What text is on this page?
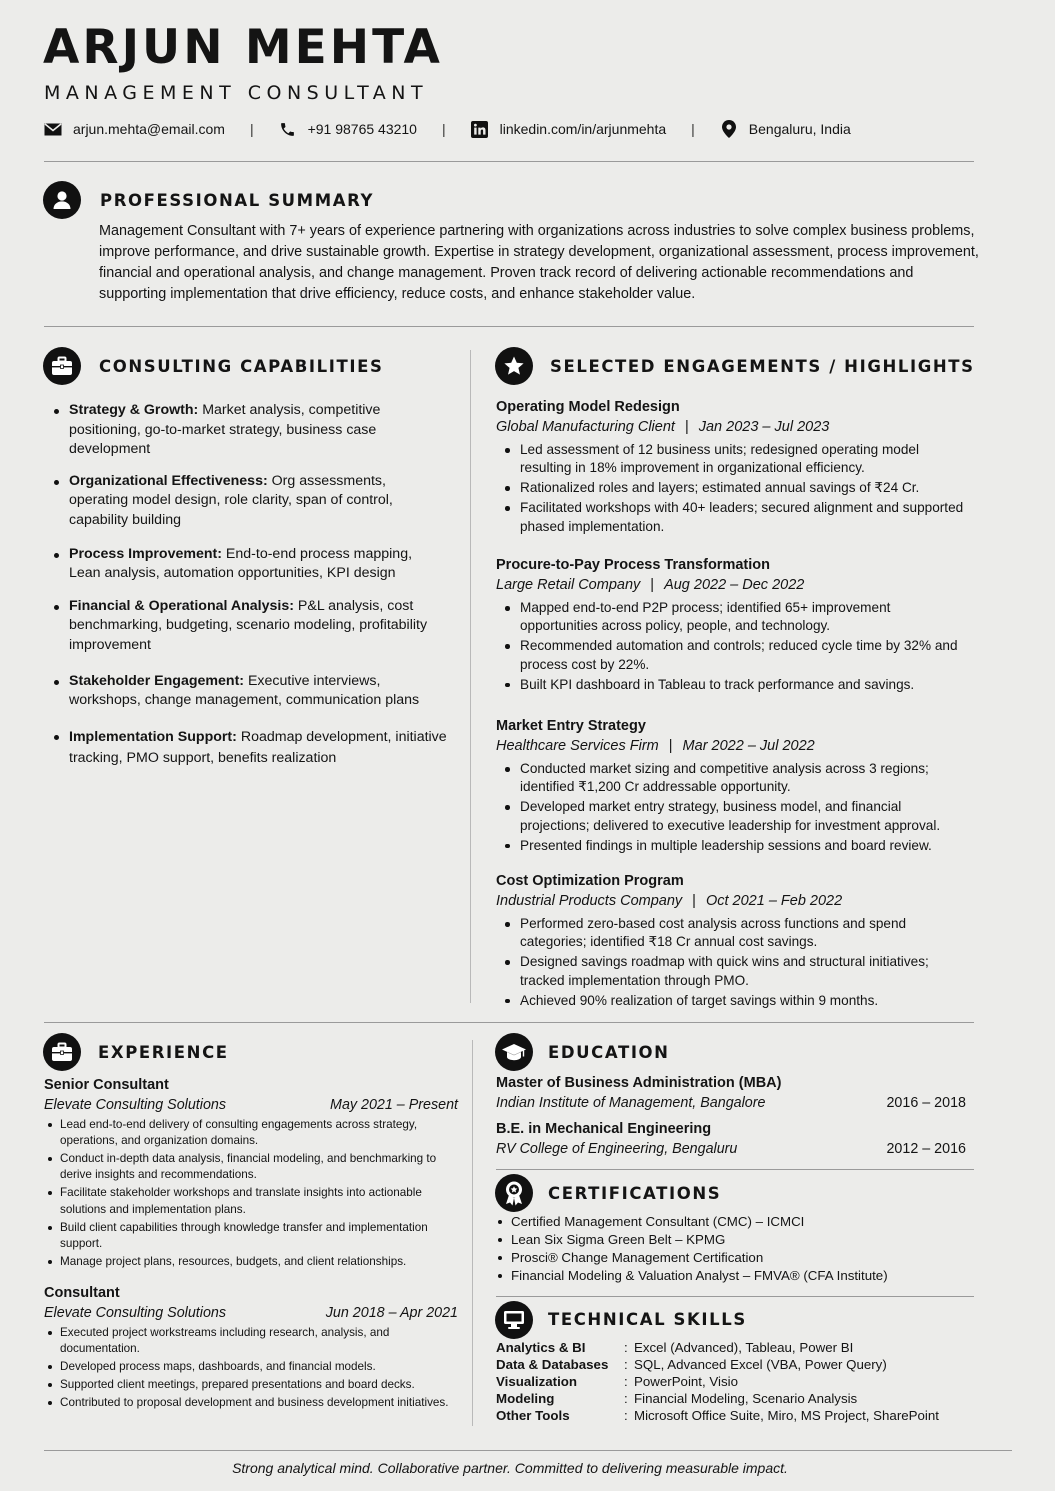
ARJUN MEHTA
MANAGEMENT CONSULTANT
arjun.mehta@email.com |	+91 98765 43210 |	linkedin.com/in/arjunmehta |	Bengaluru, India
PROFESSIONAL SUMMARY

Management Consultant with 7+ years of experience partnering with organizations across industries to solve complex business problems, improve performance, and drive sustainable growth. Expertise in strategy development, organizational assessment, process improvement, financial and operational analysis, and change management. Proven track record of delivering actionable recommendations and supporting implementation that drive efficiency, reduce costs, and enhance stakeholder value.

CONSULTING CAPABILITIES
Strategy & Growth: Market analysis, competitive positioning, go-to-market strategy, business case development
Organizational Effectiveness: Org assessments, operating model design, role clarity, span of control, capability building
Process Improvement: End-to-end process mapping, Lean analysis, automation opportunities, KPI design
Financial & Operational Analysis: P&L analysis, cost benchmarking, budgeting, scenario modeling, profitability improvement
Stakeholder Engagement: Executive interviews, workshops, change management, communication plans
Implementation Support: Roadmap development, initiative tracking, PMO support, benefits realization
SELECTED ENGAGEMENTS / HIGHLIGHTS
Operating Model Redesign
Global Manufacturing Client | Jan 2023 – Jul 2023
Led assessment of 12 business units; redesigned operating model resulting in 18% improvement in organizational efficiency.
Rationalized roles and layers; estimated annual savings of ₹24 Cr.
Facilitated workshops with 40+ leaders; secured alignment and supported phased implementation.
Procure-to-Pay Process Transformation
Large Retail Company | Aug 2022 – Dec 2022
Mapped end-to-end P2P process; identified 65+ improvement opportunities across policy, people, and technology.
Recommended automation and controls; reduced cycle time by 32% and process cost by 22%.
Built KPI dashboard in Tableau to track performance and savings.
Market Entry Strategy
Healthcare Services Firm | Mar 2022 – Jul 2022
Conducted market sizing and competitive analysis across 3 regions; identified ₹1,200 Cr addressable opportunity.
Developed market entry strategy, business model, and financial projections; delivered to executive leadership for investment approval.
Presented findings in multiple leadership sessions and board review.
Cost Optimization Program
Industrial Products Company | Oct 2021 – Feb 2022
Performed zero-based cost analysis across functions and spend categories; identified ₹18 Cr annual cost savings.
Designed savings roadmap with quick wins and structural initiatives; tracked implementation through PMO.
Achieved 90% realization of target savings within 9 months.
EXPERIENCE
Senior Consultant
Elevate Consulting Solutions	May 2021 – Present
Lead end-to-end delivery of consulting engagements across strategy, operations, and organization domains.
Conduct in-depth data analysis, financial modeling, and benchmarking to derive insights and recommendations.
Facilitate stakeholder workshops and translate insights into actionable solutions and implementation plans.
Build client capabilities through knowledge transfer and implementation support.
Manage project plans, resources, budgets, and client relationships.
Consultant
Elevate Consulting Solutions	Jun 2018 – Apr 2021
Executed project workstreams including research, analysis, and documentation.
Developed process maps, dashboards, and financial models.
Supported client meetings, prepared presentations and board decks.
Contributed to proposal development and business development initiatives.
EDUCATION
Master of Business Administration (MBA)
Indian Institute of Management, Bangalore	2016 – 2018
B.E. in Mechanical Engineering
RV College of Engineering, Bengaluru	2012 – 2016
CERTIFICATIONS
Certified Management Consultant (CMC) – ICMCI
Lean Six Sigma Green Belt – KPMG
Prosci® Change Management Certification
Financial Modeling & Valuation Analyst – FMVA® (CFA Institute)
TECHNICAL SKILLS
Analytics & BI	: Excel (Advanced), Tableau, Power BI
Data & Databases	: SQL, Advanced Excel (VBA, Power Query)
Visualization	: PowerPoint, Visio
Modeling	: Financial Modeling, Scenario Analysis
Other Tools	: Microsoft Office Suite, Miro, MS Project, SharePoint
Strong analytical mind. Collaborative partner. Committed to delivering measurable impact.
